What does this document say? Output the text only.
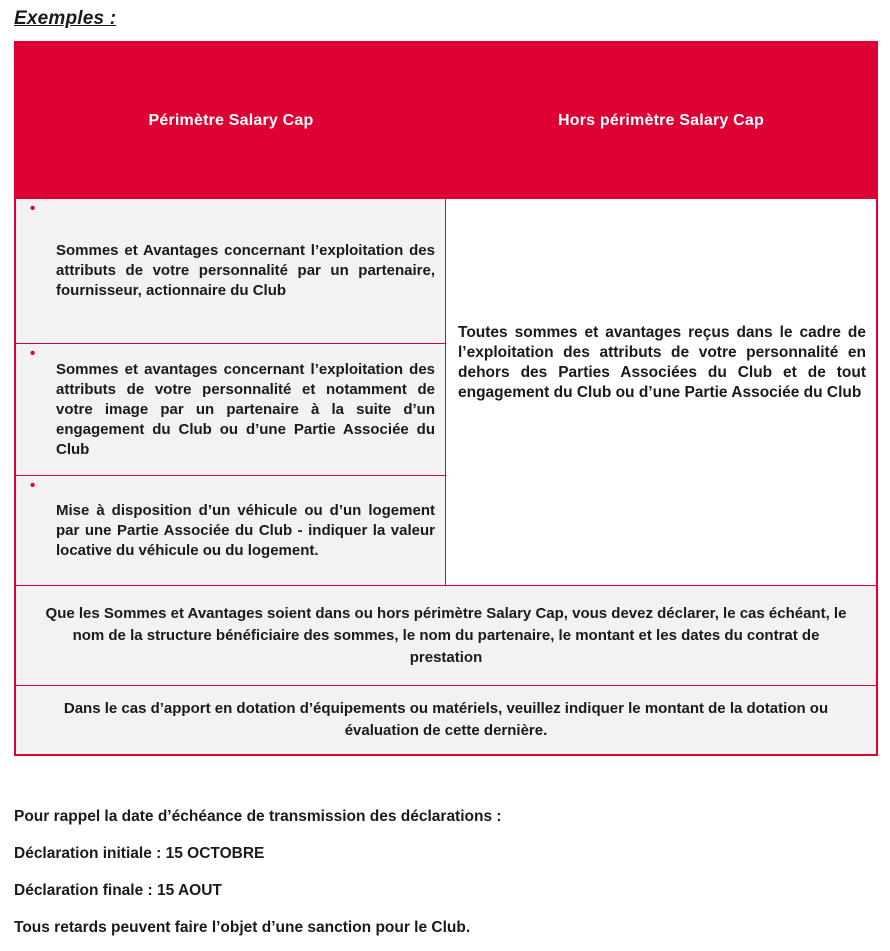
Exemples :
Périmètre Salary Cap	Hors périmètre Salary Cap
•
Sommes et Avantages concernant l’exploitation des attributs de votre personnalité par un partenaire, fournisseur, actionnaire du Club
•
Sommes et avantages concernant l’exploitation des attributs de votre personnalité et notamment de votre image par un partenaire à la suite d’un engagement du Club ou d’une Partie Associée du Club
•
Mise à disposition d’un véhicule ou d’un logement par une Partie Associée du Club - indiquer la valeur locative du véhicule ou du logement.
Toutes sommes et avantages reçus dans le cadre de l’exploitation des attributs de votre personnalité en dehors des Parties Associées du Club et de tout engagement du Club ou d’une Partie Associée du Club
Que les Sommes et Avantages soient dans ou hors périmètre Salary Cap, vous devez déclarer, le cas échéant, le nom de la structure bénéficiaire des sommes, le nom du partenaire, le montant et les dates du contrat de prestation
Dans le cas d’apport en dotation d’équipements ou matériels, veuillez indiquer le montant de la dotation ou évaluation de cette dernière.

Pour rappel la date d’échéance de transmission des déclarations :

Déclaration initiale : 15 OCTOBRE

Déclaration finale : 15 AOUT

Tous retards peuvent faire l’objet d’une sanction pour le Club.
